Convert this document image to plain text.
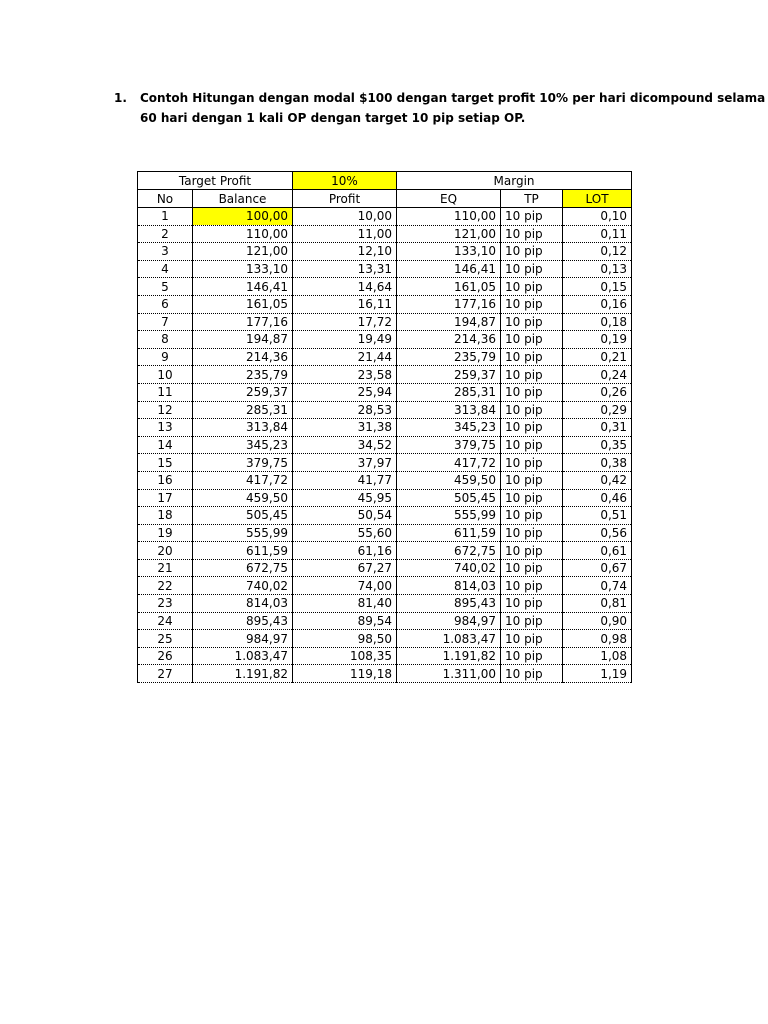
1. Contoh Hitungan dengan modal $100 dengan target profit 10% per hari dicompound selama
60 hari dengan 1 kali OP dengan target 10 pip setiap OP.
Target Profit		10%	Margin		
No	Balance	Profit	EQ	TP	LOT
1	100,00	10,00	110,00	10 pip	0,10
2	110,00	11,00	121,00	10 pip	0,11
3	121,00	12,10	133,10	10 pip	0,12
4	133,10	13,31	146,41	10 pip	0,13
5	146,41	14,64	161,05	10 pip	0,15
6	161,05	16,11	177,16	10 pip	0,16
7	177,16	17,72	194,87	10 pip	0,18
8	194,87	19,49	214,36	10 pip	0,19
9	214,36	21,44	235,79	10 pip	0,21
10	235,79	23,58	259,37	10 pip	0,24
11	259,37	25,94	285,31	10 pip	0,26
12	285,31	28,53	313,84	10 pip	0,29
13	313,84	31,38	345,23	10 pip	0,31
14	345,23	34,52	379,75	10 pip	0,35
15	379,75	37,97	417,72	10 pip	0,38
16	417,72	41,77	459,50	10 pip	0,42
17	459,50	45,95	505,45	10 pip	0,46
18	505,45	50,54	555,99	10 pip	0,51
19	555,99	55,60	611,59	10 pip	0,56
20	611,59	61,16	672,75	10 pip	0,61
21	672,75	67,27	740,02	10 pip	0,67
22	740,02	74,00	814,03	10 pip	0,74
23	814,03	81,40	895,43	10 pip	0,81
24	895,43	89,54	984,97	10 pip	0,90
25	984,97	98,50	1.083,47	10 pip	0,98
26	1.083,47	108,35	1.191,82	10 pip	1,08
27	1.191,82	119,18	1.311,00	10 pip	1,19
